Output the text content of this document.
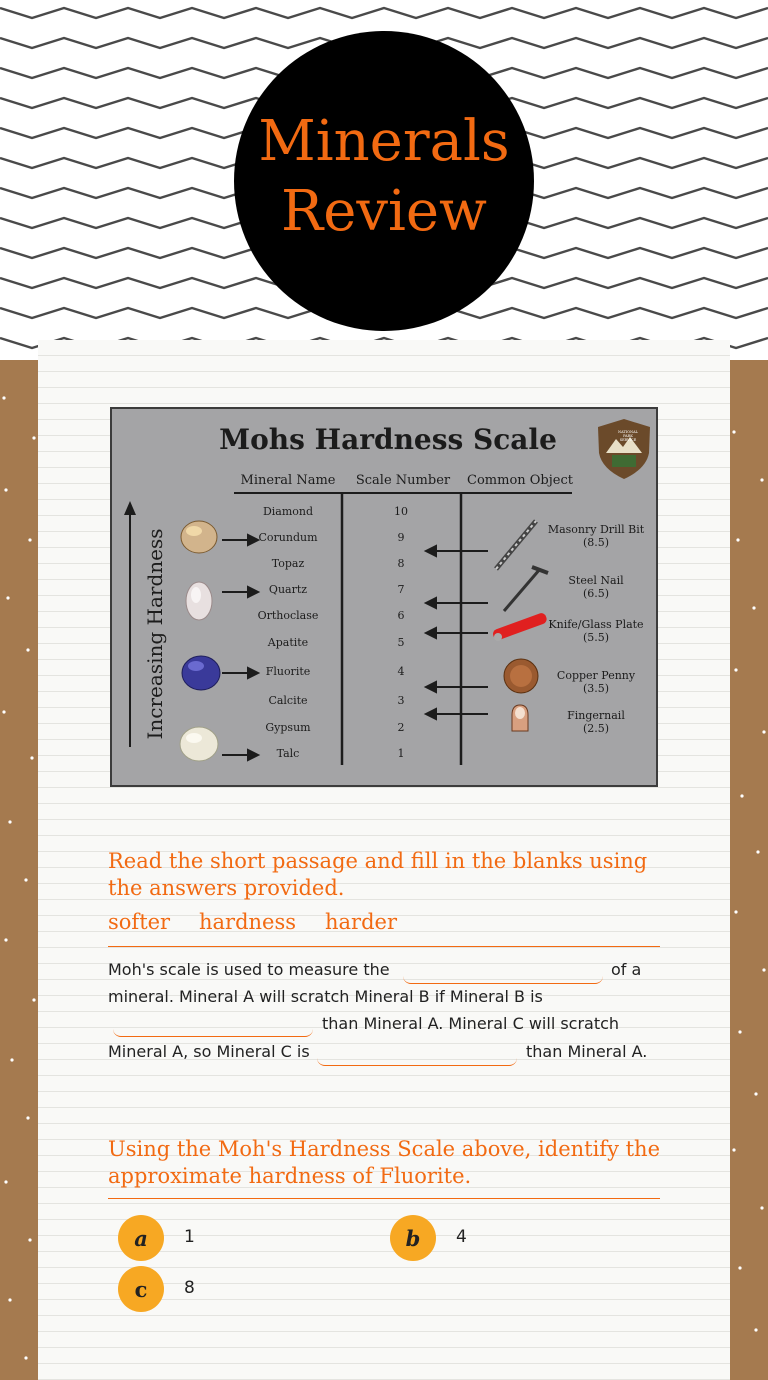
Minerals
Review
Mohs Hardness Scale	NATIONAL
PARK
SERVICE
Mineral Name Scale Number Common Object
Increasing Hardness
Diamond	10
Corundum	9
Topaz	8
Quartz	7
Orthoclase	6
Apatite	5
Fluorite	4
Calcite	3
Gypsum	2
Talc	1
Masonry Drill Bit
(8.5)
Steel Nail
(6.5)
Knife/Glass Plate
(5.5)
Copper Penny
(3.5)
Fingernail
(2.5)
Read the short passage and fill in the blanks using the answers provided.
softer hardness harder
Moh's scale is used to measure the	of a
mineral. Mineral A will scratch Mineral B if Mineral B is
than Mineral A. Mineral C will scratch
Mineral A, so Mineral C is	than Mineral A.
Using the Moh's Hardness Scale above, identify the approximate hardness of Fluorite.
a	1	b	4
c	8
